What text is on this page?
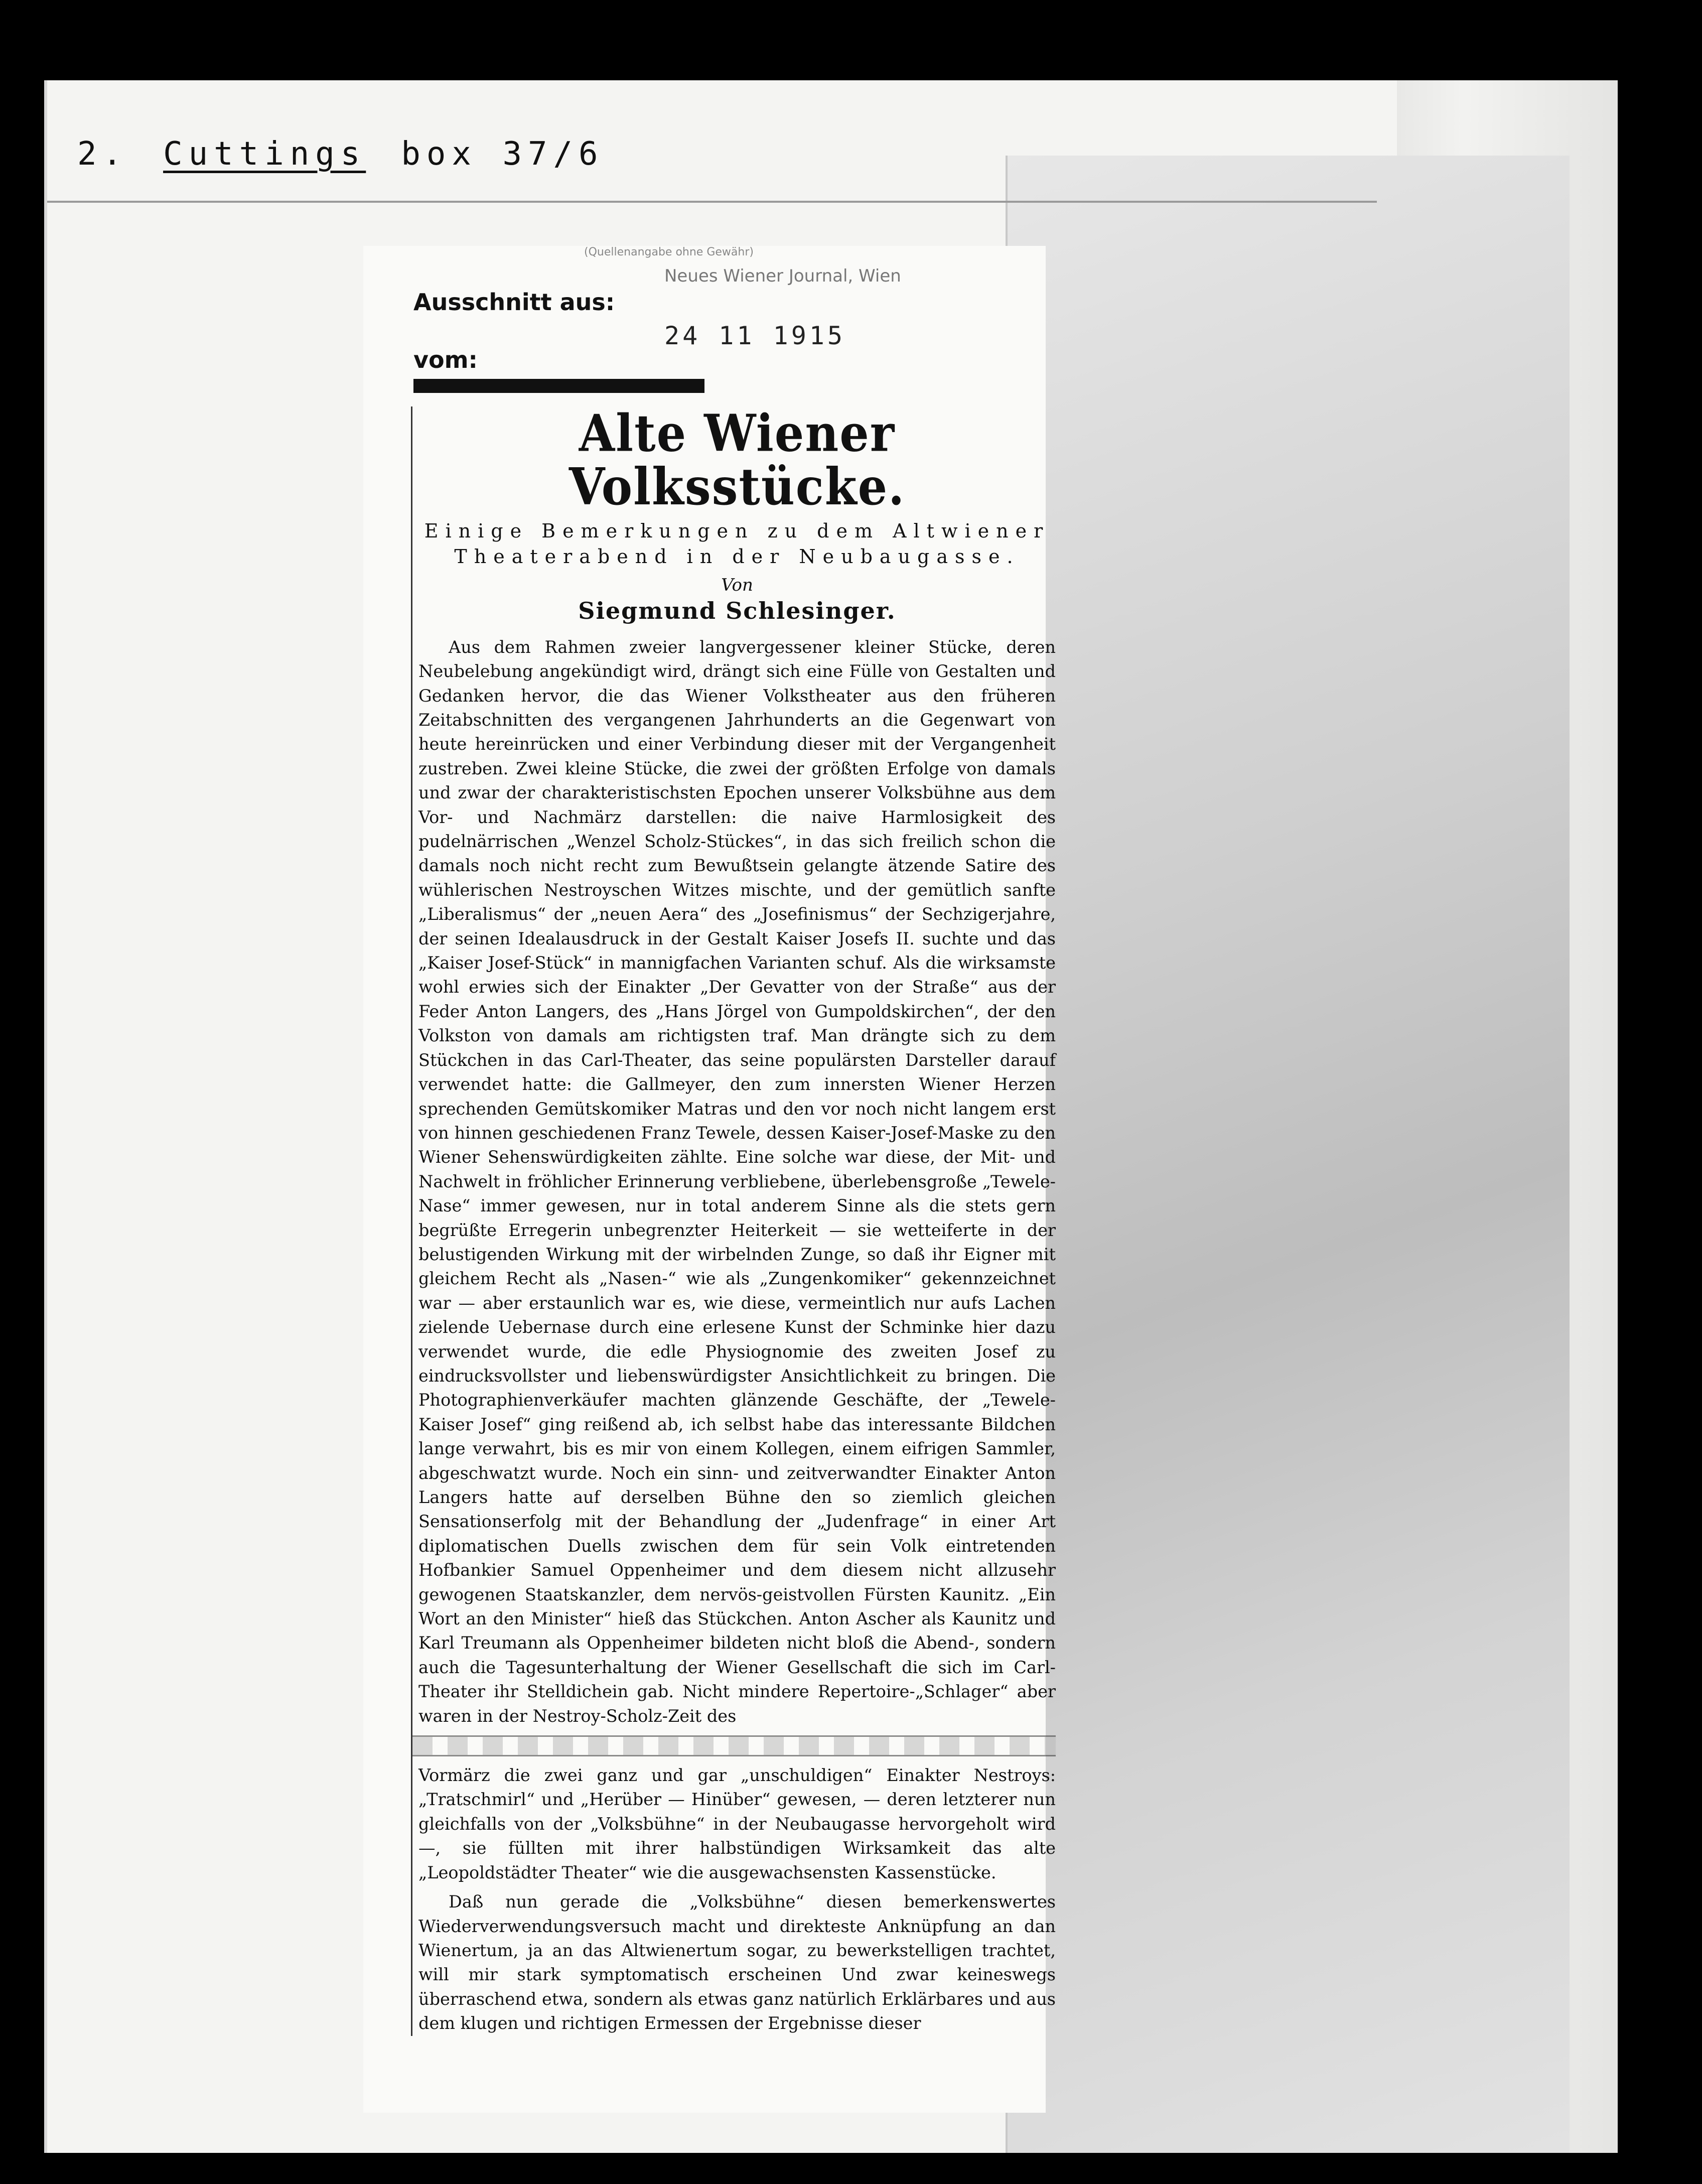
2. Cuttings box 37/6
(Quellenangabe ohne Gewähr)
Ausschnitt aus:
Neues Wiener Journal, Wien
24 11 1915
vom:
Alte Wiener Volksstücke.
Einige Bemerkungen zu dem Altwiener Theaterabend in der Neubaugasse.
Von
Siegmund Schlesinger.

Aus dem Rahmen zweier langvergessener kleiner Stücke, deren Neubelebung angekündigt wird, drängt sich eine Fülle von Gestalten und Gedanken hervor, die das Wiener Volkstheater aus den früheren Zeitabschnitten des vergangenen Jahrhunderts an die Gegenwart von heute hereinrücken und einer Verbindung dieser mit der Vergangenheit zustreben. Zwei kleine Stücke, die zwei der größten Erfolge von damals und zwar der charakteristischsten Epochen unserer Volksbühne aus dem Vor- und Nachmärz darstellen: die naive Harmlosigkeit des pudelnärrischen „Wenzel Scholz-Stückes“, in das sich freilich schon die damals noch nicht recht zum Bewußtsein gelangte ätzende Satire des wühlerischen Nestroyschen Witzes mischte, und der gemütlich sanfte „Liberalismus“ der „neuen Aera“ des „Josefinismus“ der Sechzigerjahre, der seinen Idealausdruck in der Gestalt Kaiser Josefs II. suchte und das „Kaiser Josef-Stück“ in mannigfachen Varianten schuf. Als die wirksamste wohl erwies sich der Einakter „Der Gevatter von der Straße“ aus der Feder Anton Langers, des „Hans Jörgel von Gumpoldskirchen“, der den Volkston von damals am richtigsten traf. Man drängte sich zu dem Stückchen in das Carl-Theater, das seine populärsten Darsteller darauf verwendet hatte: die Gallmeyer, den zum innersten Wiener Herzen sprechenden Gemütskomiker Matras und den vor noch nicht langem erst von hinnen geschiedenen Franz Tewele, dessen Kaiser-Josef-Maske zu den Wiener Sehenswürdigkeiten zählte. Eine solche war diese, der Mit- und Nachwelt in fröhlicher Erinnerung verbliebene, überlebensgroße „Tewele-Nase“ immer gewesen, nur in total anderem Sinne als die stets gern begrüßte Erregerin unbegrenzter Heiterkeit — sie wetteiferte in der belustigenden Wirkung mit der wirbelnden Zunge, so daß ihr Eigner mit gleichem Recht als „Nasen-“ wie als „Zungenkomiker“ gekennzeichnet war — aber erstaunlich war es, wie diese, vermeintlich nur aufs Lachen zielende Ueberna﻿se durch eine erlesene Kunst der Schminke hier dazu verwendet wurde, die edle Physiognomie des zweiten Josef zu eindrucksvollster und liebenswürdigster Ansichtlichkeit zu bringen. Die Photographienverkäufer machten glänzende Geschäfte, der „Tewele-Kaiser Josef“ ging reißend ab, ich selbst habe das interessante Bildchen lange verwahrt, bis es mir von einem Kollegen, einem eifrigen Sammler, abgeschwatzt wurde. Noch ein sinn- und zeitverwandter Einakter Anton Langers hatte auf derselben Bühne den so ziemlich gleichen Sensationserfolg mit der Behandlung der „Judenfrage“ in einer Art diplomatischen Duells zwischen dem für sein Volk eintretenden Hofbankier Samuel Oppenheimer und dem diesem nicht allzusehr gewogenen Staatskanzler, dem nervös-geistvollen Fürsten Kaunitz. „Ein Wort an den Minister“ hieß das Stückchen. Anton Ascher als Kaunitz und Karl Treumann als Oppenheimer bildeten nicht bloß die Abend-, sondern auch die Tagesunterhaltung der Wiener Gesellschaft die sich im Carl-Theater ihr Stelldichein gab. Nicht mindere Repertoire-„Schlager“ aber waren in der Nestroy-Scholz-Zeit des

Vormärz die zwei ganz und gar „unschuldigen“ Einakter Nestroys: „Tratschmirl“ und „Herüber — Hinüber“ gewesen, — deren letzterer nun gleichfalls von der „Volksbühne“ in der Neubaugasse hervorgeholt wird —, sie füllten mit ihrer halbstündigen Wirksamkeit das alte „Leopoldstädter Theater“ wie die ausgewachsensten Kassenstücke.

Daß nun gerade die „Volksbühne“ diesen bemerkenswertes Wiederverwendungsversuch macht und direkteste Anknüpfung an dan Wienertum, ja an das Altwienertum sogar, zu bewerkstelligen trachtet, will mir stark symptomatisch erscheinen Und zwar keineswegs überraschend etwa, sondern als etwas ganz natürlich Erklärbares und aus dem klugen und richtigen Ermessen der Ergebnisse dieser
